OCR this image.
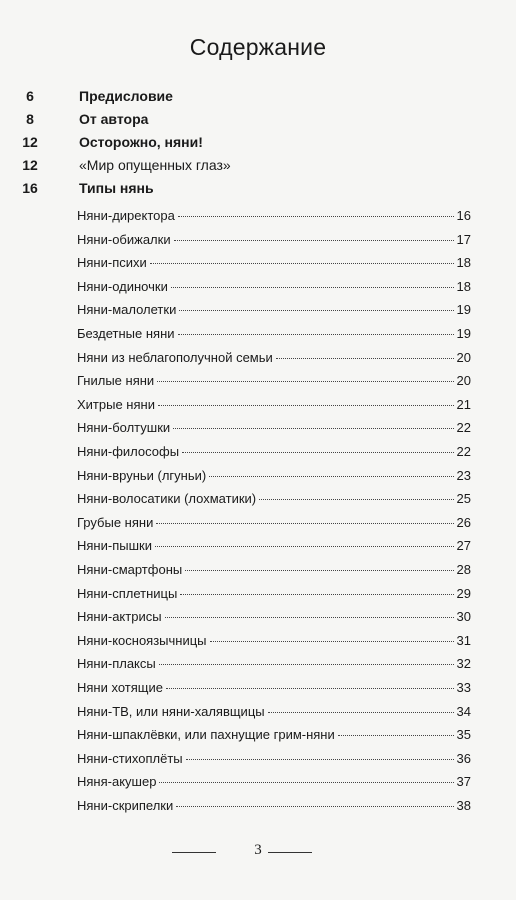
Содержание
6	Предисловие
8	От автора
12	Осторожно, няни!
12	«Мир опущенных глаз»
16	Типы нянь
Няни-директора	16
Няни-обижалки	17
Няни-психи	18
Няни-одиночки	18
Няни-малолетки	19
Бездетные няни	19
Няни из неблагополучной семьи	20
Гнилые няни	20
Хитрые няни	21
Няни-болтушки	22
Няни-философы	22
Няни-вруньи (лгуньи)	23
Няни-волосатики (лохматики)	25
Грубые няни	26
Няни-пышки	27
Няни-смартфоны	28
Няни-сплетницы	29
Няни-актрисы	30
Няни-косноязычницы	31
Няни-плаксы	32
Няни хотящие	33
Няни-ТВ, или няни-халявщицы	34
Няни-шпаклёвки, или пахнущие грим-няни	35
Няни-стихоплёты	36
Няня-акушер	37
Няни-скрипелки	38
3
